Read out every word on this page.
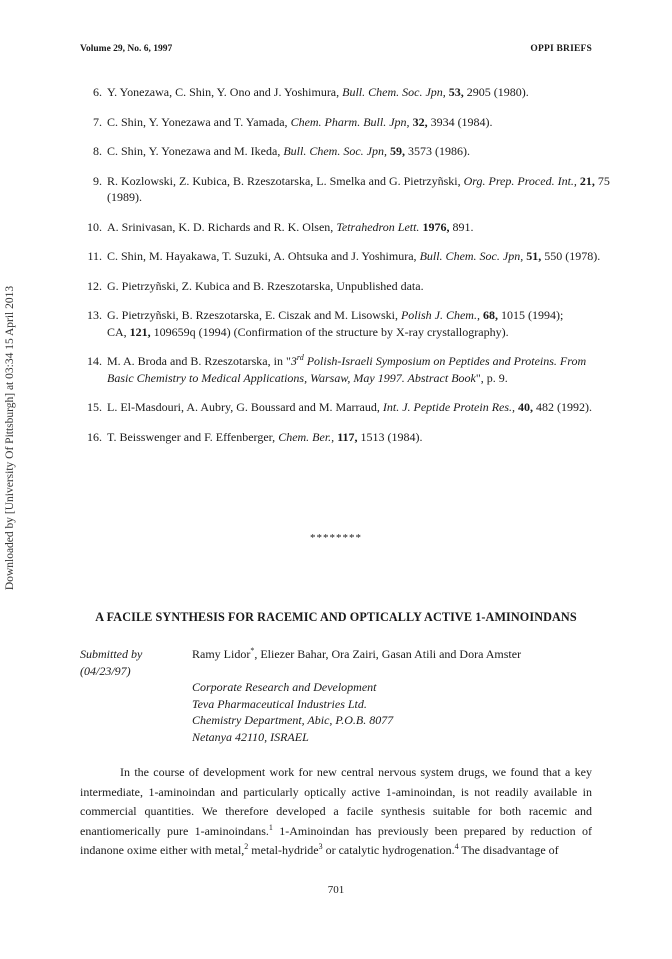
Volume 29, No. 6, 1997	OPPI BRIEFS
Downloaded by [University Of Pittsburgh] at 03:34 15 April 2013
6. Y. Yonezawa, C. Shin, Y. Ono and J. Yoshimura, Bull. Chem. Soc. Jpn, 53, 2905 (1980).
7. C. Shin, Y. Yonezawa and T. Yamada, Chem. Pharm. Bull. Jpn, 32, 3934 (1984).
8. C. Shin, Y. Yonezawa and M. Ikeda, Bull. Chem. Soc. Jpn, 59, 3573 (1986).
9. R. Kozlowski, Z. Kubica, B. Rzeszotarska, L. Smelka and G. Pietrzyñski, Org. Prep. Proced. Int., 21, 75 (1989).
10. A. Srinivasan, K. D. Richards and R. K. Olsen, Tetrahedron Lett. 1976, 891.
11. C. Shin, M. Hayakawa, T. Suzuki, A. Ohtsuka and J. Yoshimura, Bull. Chem. Soc. Jpn, 51, 550 (1978).
12. G. Pietrzyñski, Z. Kubica and B. Rzeszotarska, Unpublished data.
13. G. Pietrzyñski, B. Rzeszotarska, E. Ciszak and M. Lisowski, Polish J. Chem., 68, 1015 (1994);
CA, 121, 109659q (1994) (Confirmation of the structure by X-ray crystallography).
14. M. A. Broda and B. Rzeszotarska, in "3rd Polish-Israeli Symposium on Peptides and Proteins. From Basic Chemistry to Medical Applications, Warsaw, May 1997. Abstract Book", p. 9.
15. L. El-Masdouri, A. Aubry, G. Boussard and M. Marraud, Int. J. Peptide Protein Res., 40, 482 (1992).
16. T. Beisswenger and F. Effenberger, Chem. Ber., 117, 1513 (1984).
********
A FACILE SYNTHESIS FOR RACEMIC AND OPTICALLY ACTIVE 1-AMINOINDANS
Submitted by
(04/23/97)
Ramy Lidor*, Eliezer Bahar, Ora Zairi, Gasan Atili and Dora Amster
Corporate Research and Development
Teva Pharmaceutical Industries Ltd.
Chemistry Department, Abic, P.O.B. 8077
Netanya 42110, ISRAEL

In the course of development work for new central nervous system drugs, we found that a key intermediate, 1-aminoindan and particularly optically active 1-aminoindan, is not readily available in commercial quantities. We therefore developed a facile synthesis suitable for both racemic and enantiomerically pure 1-aminoindans.$^1$ 1-Aminoindan has previously been prepared by reduction of indanone oxime either with metal,$^2$ metal-hydride$^3$ or catalytic hydrogenation.$^4$ The disadvantage of

701
